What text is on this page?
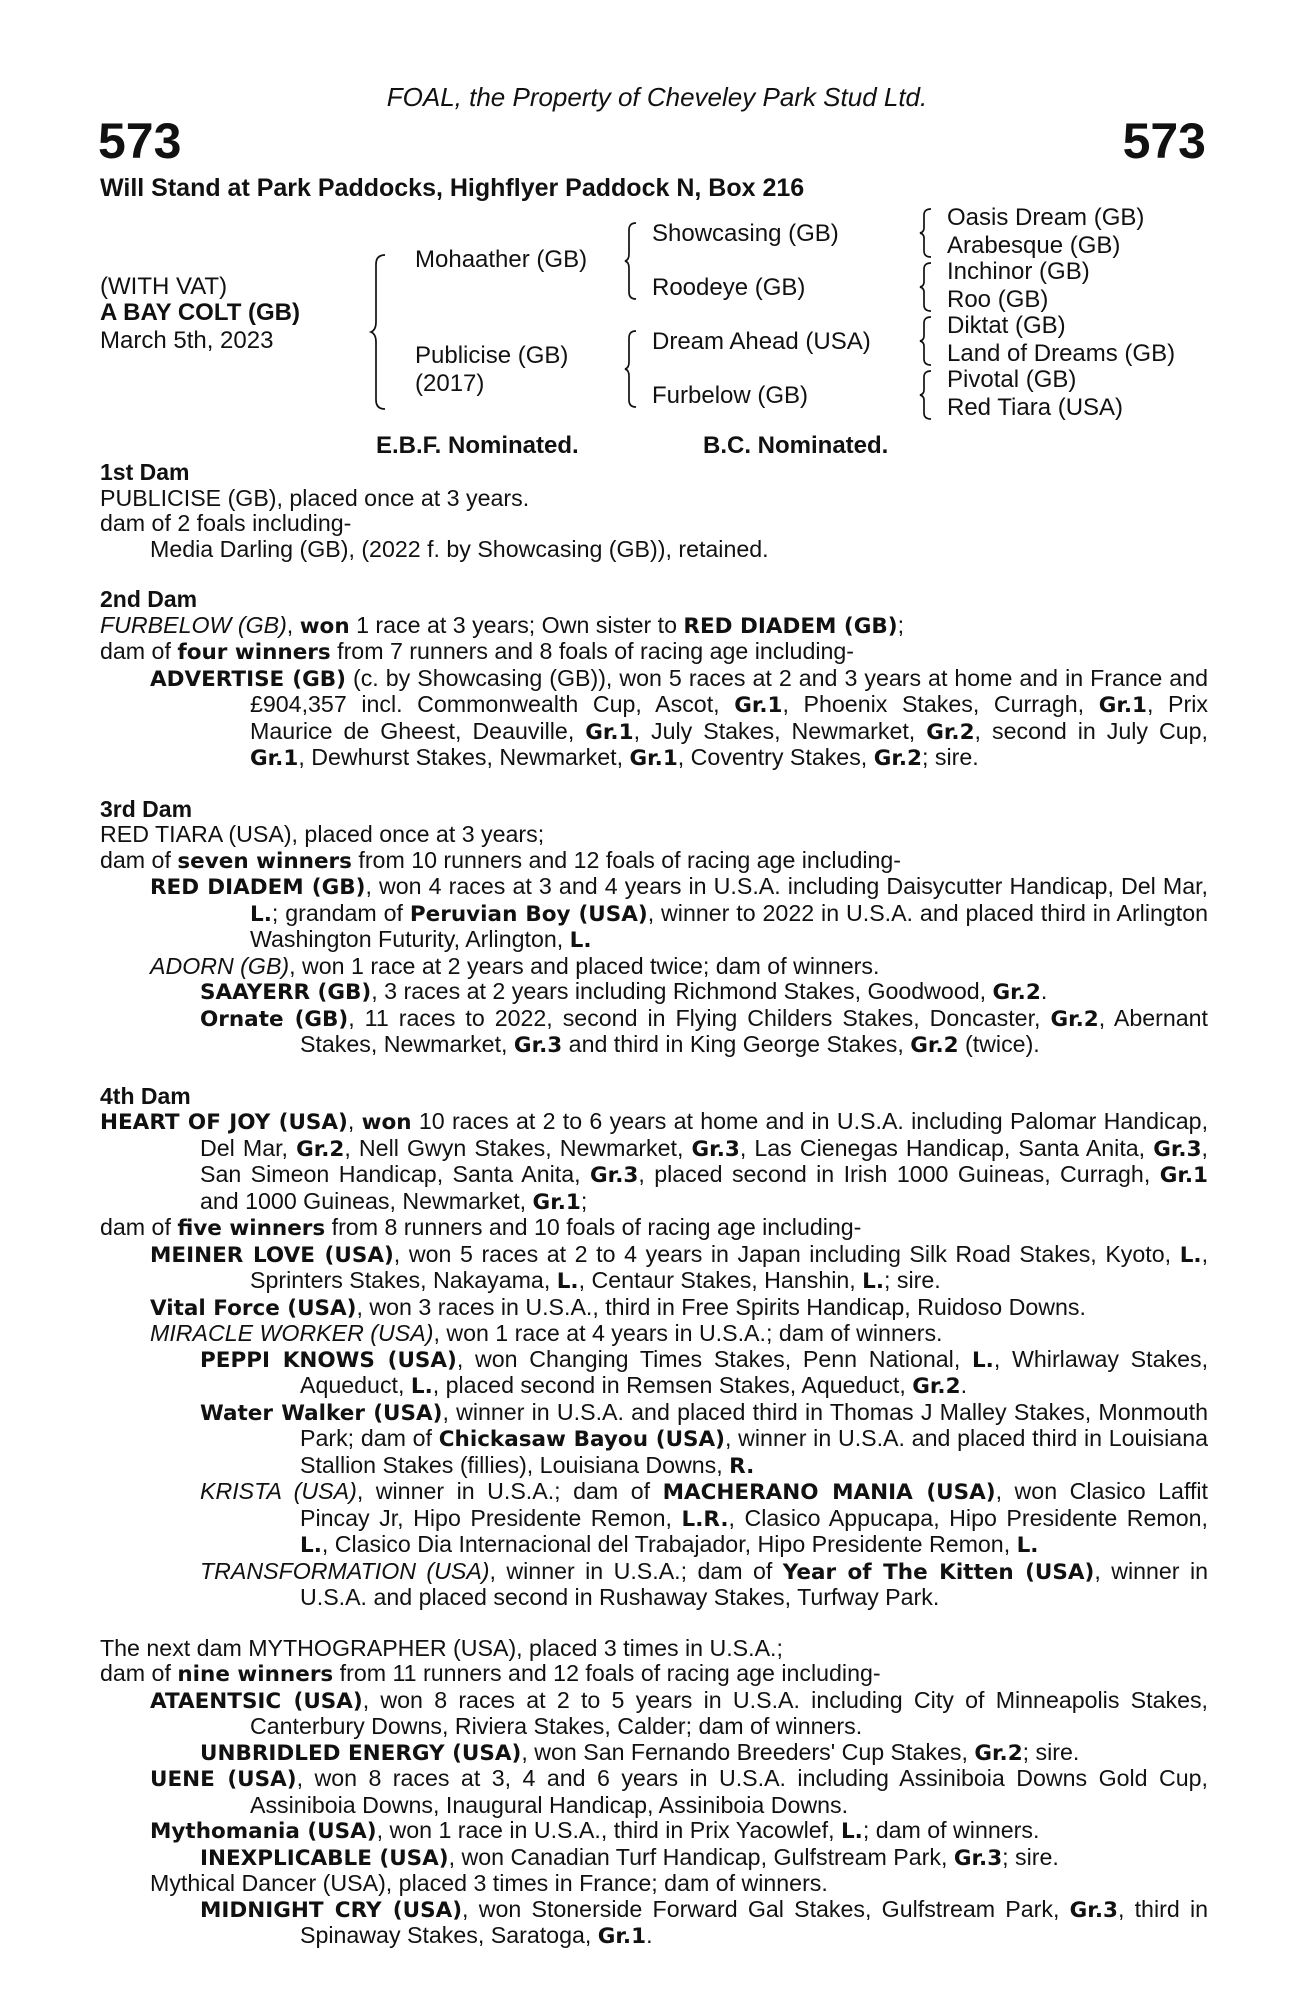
FOAL, the Property of Cheveley Park Stud Ltd.
573	573
Will Stand at Park Paddocks, Highflyer Paddock N, Box 216
(WITH VAT)
A BAY COLT (GB)
March 5th, 2023
Mohaather (GB)
Publicise (GB)
(2017)
Showcasing (GB)
Roodeye (GB)
Dream Ahead (USA)
Furbelow (GB)
Oasis Dream (GB)
Arabesque (GB)
Inchinor (GB)
Roo (GB)
Diktat (GB)
Land of Dreams (GB)
Pivotal (GB)
Red Tiara (USA)
E.B.F. Nominated.	B.C. Nominated.
1st Dam
PUBLICISE (GB), placed once at 3 years.
dam of 2 foals including-
Media Darling (GB), (2022 f. by Showcasing (GB)), retained.
2nd Dam
FURBELOW (GB), won 1 race at 3 years; Own sister to RED DIADEM (GB);
dam of four winners from 7 runners and 8 foals of racing age including-
ADVERTISE (GB) (c. by Showcasing (GB)), won 5 races at 2 and 3 years at home and in France and £904,357 incl. Commonwealth Cup, Ascot, Gr.1, Phoenix Stakes, Curragh, Gr.1, Prix Maurice de Gheest, Deauville, Gr.1, July Stakes, Newmarket, Gr.2, second in July Cup, Gr.1, Dewhurst Stakes, Newmarket, Gr.1, Coventry Stakes, Gr.2; sire.
3rd Dam
RED TIARA (USA), placed once at 3 years;
dam of seven winners from 10 runners and 12 foals of racing age including-
RED DIADEM (GB), won 4 races at 3 and 4 years in U.S.A. including Daisycutter Handicap, Del Mar, L.; grandam of Peruvian Boy (USA), winner to 2022 in U.S.A. and placed third in Arlington Washington Futurity, Arlington, L.
ADORN (GB), won 1 race at 2 years and placed twice; dam of winners.
SAAYERR (GB), 3 races at 2 years including Richmond Stakes, Goodwood, Gr.2.
Ornate (GB), 11 races to 2022, second in Flying Childers Stakes, Doncaster, Gr.2, Abernant Stakes, Newmarket, Gr.3 and third in King George Stakes, Gr.2 (twice).
4th Dam
HEART OF JOY (USA), won 10 races at 2 to 6 years at home and in U.S.A. including Palomar Handicap, Del Mar, Gr.2, Nell Gwyn Stakes, Newmarket, Gr.3, Las Cienegas Handicap, Santa Anita, Gr.3, San Simeon Handicap, Santa Anita, Gr.3, placed second in Irish 1000 Guineas, Curragh, Gr.1 and 1000 Guineas, Newmarket, Gr.1;
dam of five winners from 8 runners and 10 foals of racing age including-
MEINER LOVE (USA), won 5 races at 2 to 4 years in Japan including Silk Road Stakes, Kyoto, L., Sprinters Stakes, Nakayama, L., Centaur Stakes, Hanshin, L.; sire.
Vital Force (USA), won 3 races in U.S.A., third in Free Spirits Handicap, Ruidoso Downs.
MIRACLE WORKER (USA), won 1 race at 4 years in U.S.A.; dam of winners.
PEPPI KNOWS (USA), won Changing Times Stakes, Penn National, L., Whirlaway Stakes, Aqueduct, L., placed second in Remsen Stakes, Aqueduct, Gr.2.
Water Walker (USA), winner in U.S.A. and placed third in Thomas J Malley Stakes, Monmouth Park; dam of Chickasaw Bayou (USA), winner in U.S.A. and placed third in Louisiana Stallion Stakes (fillies), Louisiana Downs, R.
KRISTA (USA), winner in U.S.A.; dam of MACHERANO MANIA (USA), won Clasico Laffit Pincay Jr, Hipo Presidente Remon, L.R., Clasico Appucapa, Hipo Presidente Remon, L., Clasico Dia Internacional del Trabajador, Hipo Presidente Remon, L.
TRANSFORMATION (USA), winner in U.S.A.; dam of Year of The Kitten (USA), winner in U.S.A. and placed second in Rushaway Stakes, Turfway Park.
The next dam MYTHOGRAPHER (USA), placed 3 times in U.S.A.;
dam of nine winners from 11 runners and 12 foals of racing age including-
ATAENTSIC (USA), won 8 races at 2 to 5 years in U.S.A. including City of Minneapolis Stakes, Canterbury Downs, Riviera Stakes, Calder; dam of winners.
UNBRIDLED ENERGY (USA), won San Fernando Breeders' Cup Stakes, Gr.2; sire.
UENE (USA), won 8 races at 3, 4 and 6 years in U.S.A. including Assiniboia Downs Gold Cup, Assiniboia Downs, Inaugural Handicap, Assiniboia Downs.
Mythomania (USA), won 1 race in U.S.A., third in Prix Yacowlef, L.; dam of winners.
INEXPLICABLE (USA), won Canadian Turf Handicap, Gulfstream Park, Gr.3; sire.
Mythical Dancer (USA), placed 3 times in France; dam of winners.
MIDNIGHT CRY (USA), won Stonerside Forward Gal Stakes, Gulfstream Park, Gr.3, third in Spinaway Stakes, Saratoga, Gr.1.
